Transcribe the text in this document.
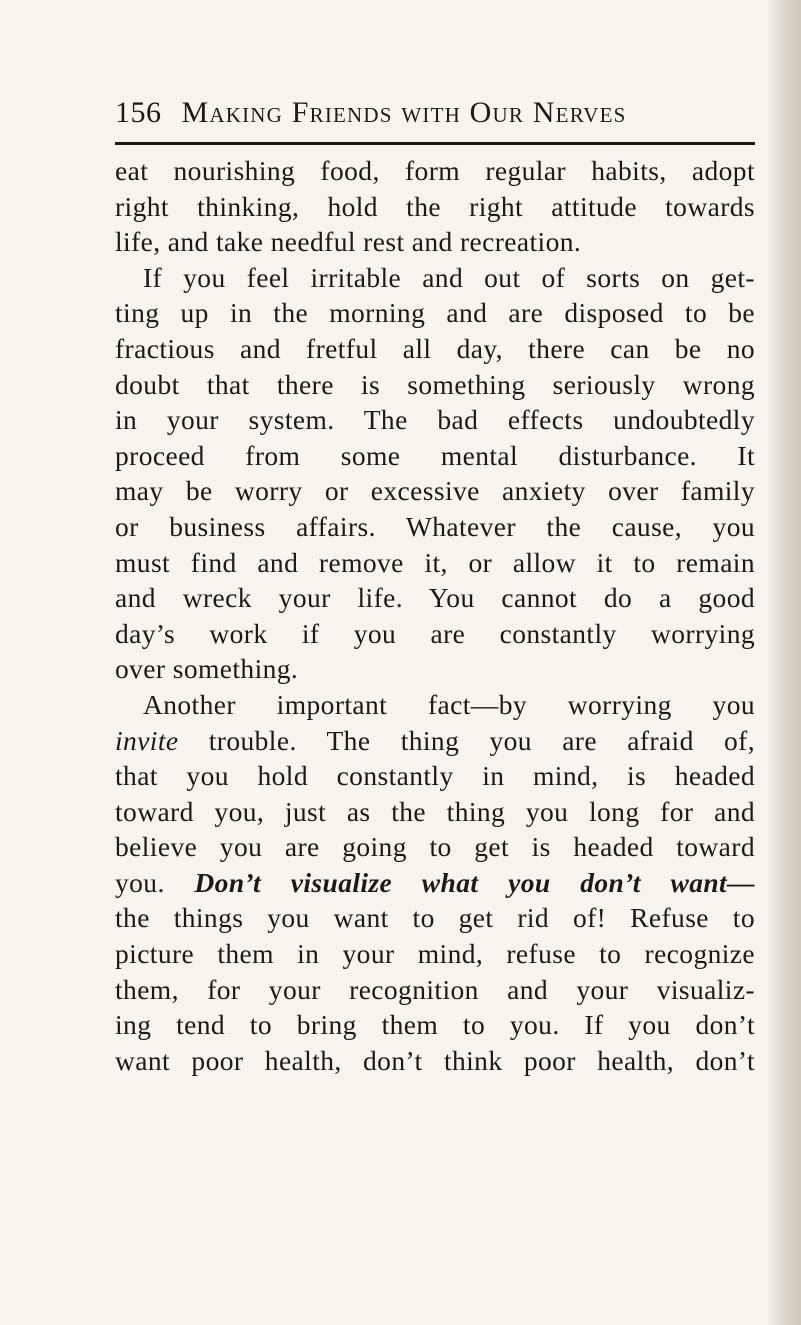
156 Making Friends with Our Nerves
eat nourishing food, form regular habits, adopt
right thinking, hold the right attitude towards
life, and take needful rest and recreation.
If you feel irritable and out of sorts on get-
ting up in the morning and are disposed to be
fractious and fretful all day, there can be no
doubt that there is something seriously wrong
in your system. The bad effects undoubtedly
proceed from some mental disturbance. It
may be worry or excessive anxiety over family
or business affairs. Whatever the cause, you
must find and remove it, or allow it to remain
and wreck your life. You cannot do a good
day’s work if you are constantly worrying
over something.
Another important fact—by worrying you
invite trouble. The thing you are afraid of,
that you hold constantly in mind, is headed
toward you, just as the thing you long for and
believe you are going to get is headed toward
you. Don’t visualize what you don’t want—
the things you want to get rid of! Refuse to
picture them in your mind, refuse to recognize
them, for your recognition and your visualiz-
ing tend to bring them to you. If you don’t
want poor health, don’t think poor health, don’t
